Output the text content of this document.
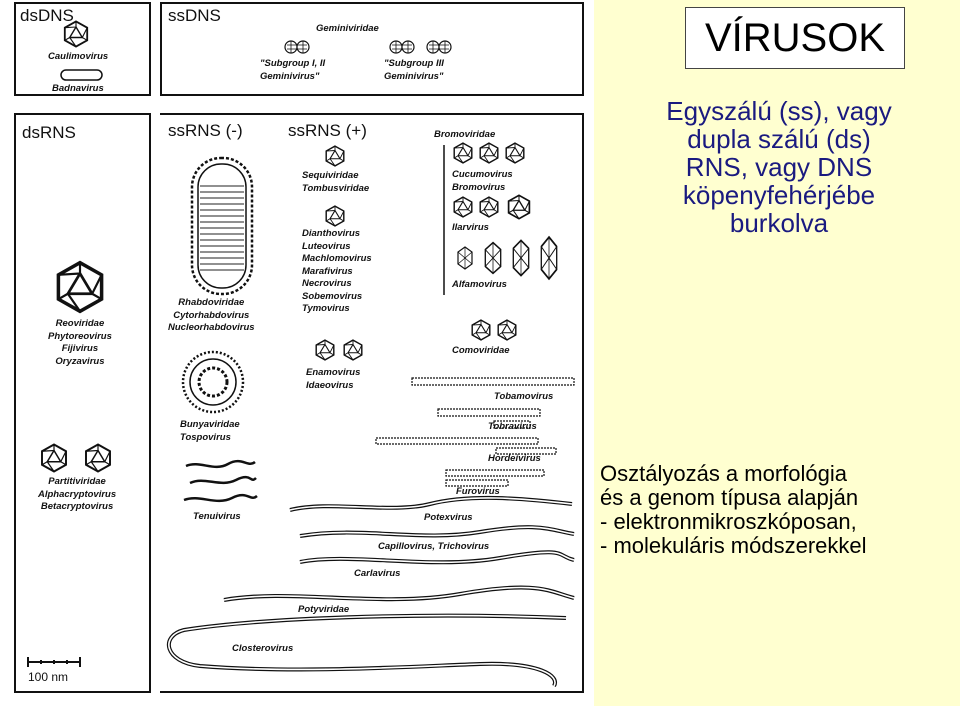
dsDNS	ssDNS
dsRNS	ssRNS (-)	ssRNS (+)
Geminiviridae
"Subgroup I, II
Geminivirus"
"Subgroup III
Geminivirus"
Caulimovirus
Badnavirus
Reoviridae
Phytoreovirus
Fijivirus
Oryzavirus
Partitiviridae
Alphacryptovirus
Betacryptovirus
Rhabdoviridae
Cytorhabdovirus
Nucleorhabdovirus
Bunyaviridae
Tospovirus
Tenuivirus
Sequiviridae
Tombusviridae
Dianthovirus
Luteovirus
Machlomovirus
Marafivirus
Necrovirus
Sobemovirus
Tymovirus
Enamovirus
Idaeovirus
Bromoviridae
Cucumovirus
Bromovirus
Ilarvirus
Alfamovirus
Comoviridae
Tobamovirus
Tobravirus
Hordeivirus
Furovirus
Potexvirus
Capillovirus, Trichovirus
Carlavirus
Potyviridae
Closterovirus
100 nm
VÍRUSOK
Egyszálú (ss), vagy
dupla szálú (ds)
RNS, vagy DNS
köpenyfehérjébe
burkolva
Osztályozás a morfológia
és a genom típusa alapján
- elektronmikroszkóposan,
- molekuláris módszerekkel
